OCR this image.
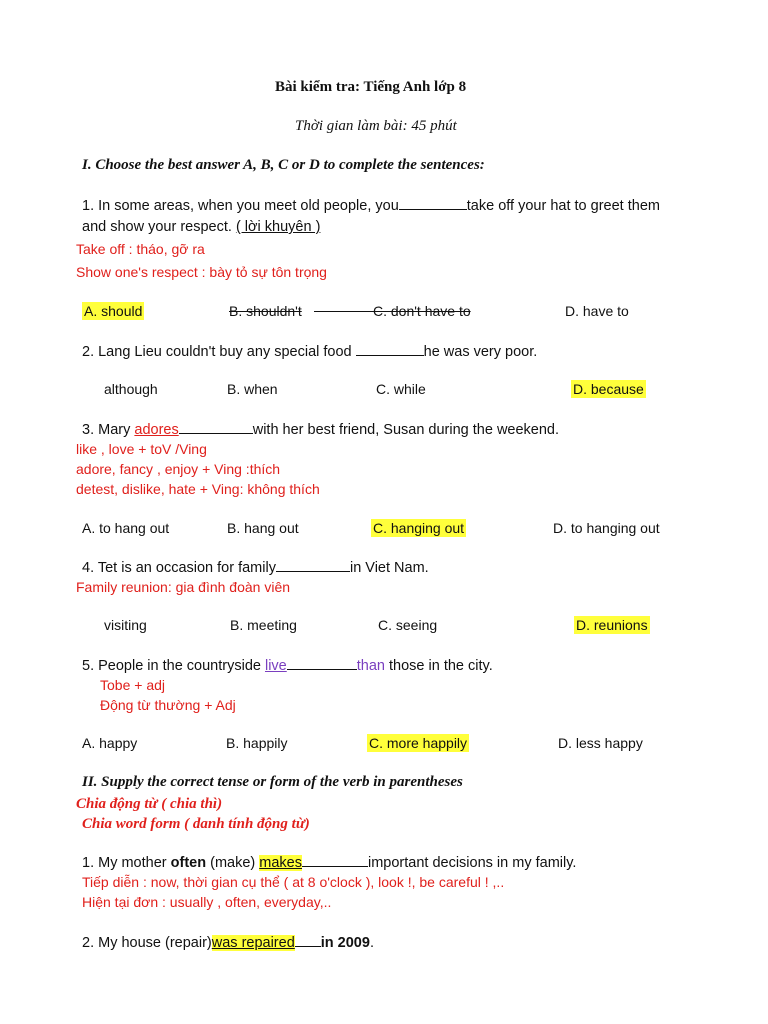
Bài kiểm tra: Tiếng Anh lớp 8
Thời gian làm bài: 45 phút
I. Choose the best answer A, B, C or D to complete the sentences:
1. In some areas, when you meet old people, you	take off your hat to greet them
and show your respect. ( lời khuyên )
Take off : tháo, gỡ ra
Show one's respect : bày tỏ sự tôn trọng
A. should	B. shouldn't	C. don't have to	D. have to
2. Lang Lieu couldn't buy any special food	he was very poor.
although	B. when	C. while	D. because
3. Mary adores	with her best friend, Susan during the weekend.
like , love + toV /Ving
adore, fancy , enjoy + Ving :thích
detest, dislike, hate + Ving: không thích
A. to hang out	B. hang out	C. hanging out	D. to hanging out
4. Tet is an occasion for family	in Viet Nam.
Family reunion: gia đình đoàn viên
visiting	B. meeting	C. seeing	D. reunions
5. People in the countryside live	than those in the city.
Tobe + adj
Động từ thường + Adj
A. happy	B. happily	C. more happily	D. less happy
II. Supply the correct tense or form of the verb in parentheses
Chia động từ ( chia thì)
Chia word form ( danh tính động từ)
1. My mother often (make) makes	important decisions in my family.
Tiếp diễn : now, thời gian cụ thể ( at 8 o'clock ), look !, be careful ! ,..
Hiện tại đơn : usually , often, everyday,..
2. My house (repair)was repaired in 2009.
